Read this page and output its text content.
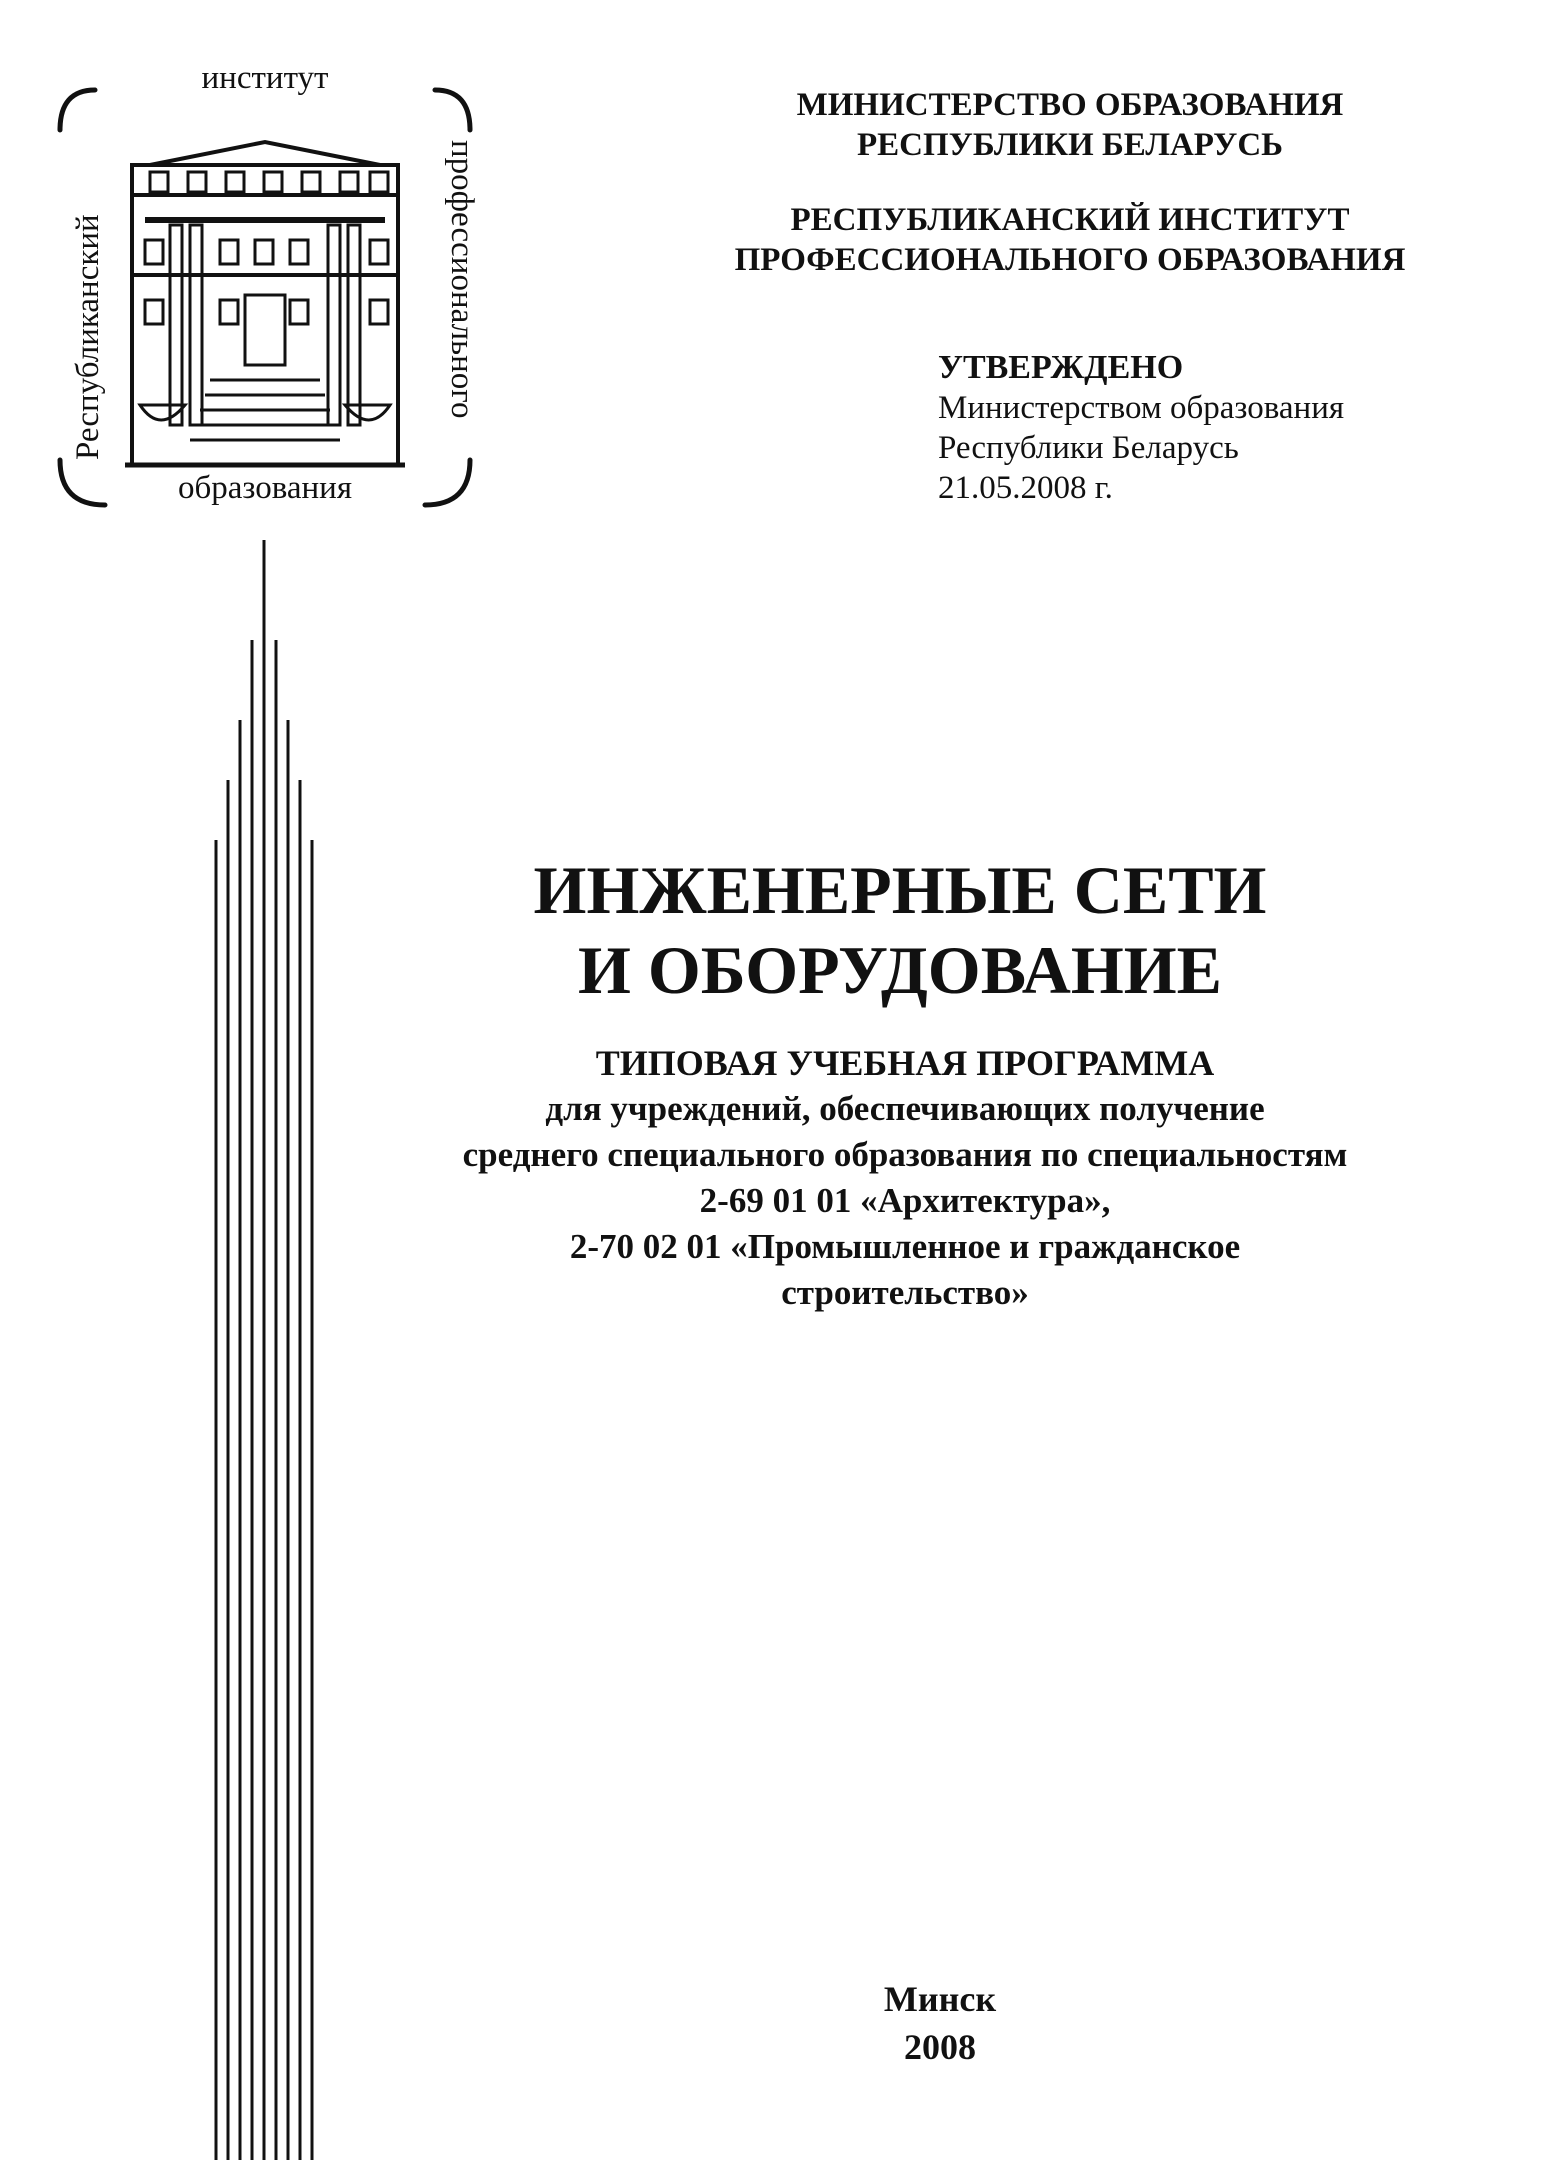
институт
образования
Республиканский	профессионального
МИНИСТЕРСТВО ОБРАЗОВАНИЯ
РЕСПУБЛИКИ БЕЛАРУСЬ
РЕСПУБЛИКАНСКИЙ ИНСТИТУТ
ПРОФЕССИОНАЛЬНОГО ОБРАЗОВАНИЯ
УТВЕРЖДЕНО
Министерством образования
Республики Беларусь
21.05.2008 г.
ИНЖЕНЕРНЫЕ СЕТИ
И ОБОРУДОВАНИЕ
ТИПОВАЯ УЧЕБНАЯ ПРОГРАММА
для учреждений, обеспечивающих получение
среднего специального образования по специальностям
2-69 01 01 «Архитектура»,
2-70 02 01 «Промышленное и гражданское
строительство»
Минск
2008
